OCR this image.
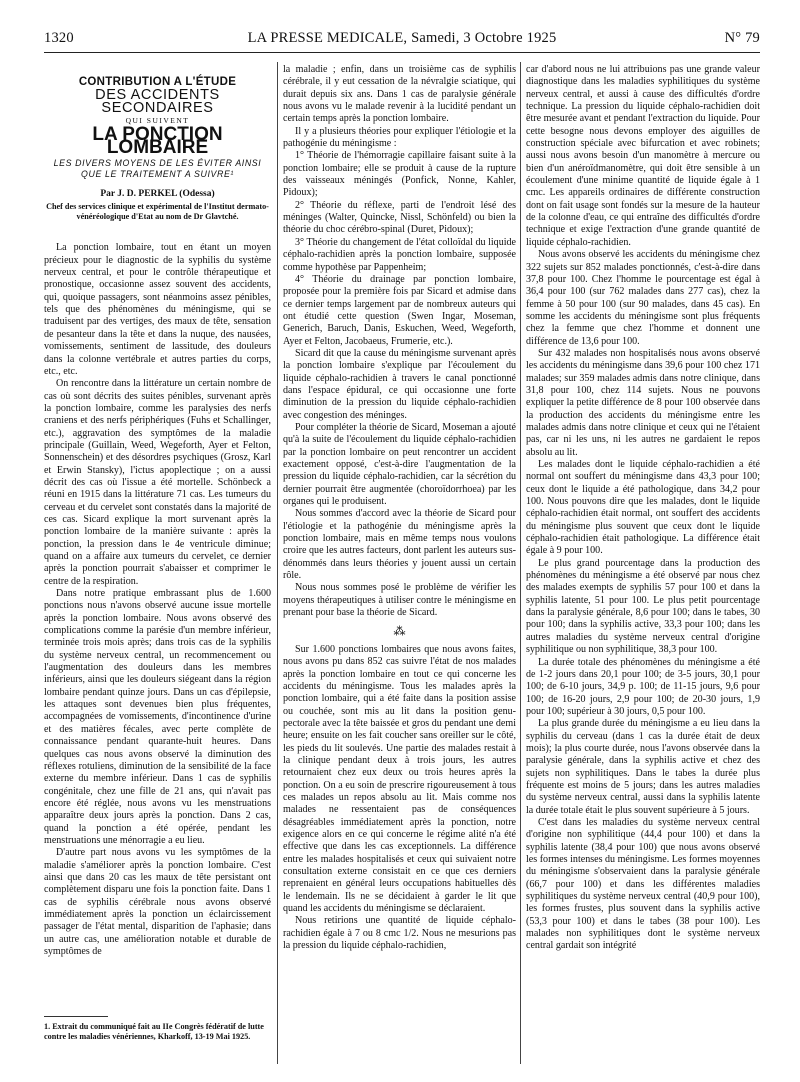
1320	LA PRESSE MEDICALE, Samedi, 3 Octobre 1925	N° 79
CONTRIBUTION A L'ÉTUDE
DES ACCIDENTS SECONDAIRES
QUI SUIVENT
LA PONCTION LOMBAIRE
LES DIVERS MOYENS DE LES ÉVITER AINSI QUE LE TRAITEMENT A SUIVRE¹
Par J. D. PERKEL (Odessa)
Chef des services clinique et expérimental de l'Institut dermato-vénéréologique d'Etat au nom de Dr Glavtché.

La ponction lombaire, tout en étant un moyen précieux pour le diagnostic de la syphilis du système nerveux central, et pour le contrôle thérapeutique et pronostique, occasionne assez souvent des accidents, qui, quoique passagers, sont néanmoins assez pénibles, tels que des phénomènes du méningisme, qui se traduisent par des vertiges, des maux de tête, sensation de pesanteur dans la tête et dans la nuque, des nausées, vomissements, sentiment de lassitude, des douleurs dans la colonne vertébrale et autres parties du corps, etc., etc.

On rencontre dans la littérature un certain nombre de cas où sont décrits des suites pénibles, survenant après la ponction lombaire, comme les paralysies des nerfs craniens et des nerfs périphériques (Fuhs et Schallinger, etc.), aggravation des symptômes de la maladie principale (Guillain, Weed, Wegeforth, Ayer et Felton, Sonnenschein) et des désordres psychiques (Grosz, Karl et Erwin Stansky), l'ictus apoplectique ; on a aussi décrit des cas où l'issue a été mortelle. Schönbeck a réuni en 1915 dans la littérature 71 cas. Les tumeurs du cerveau et du cervelet sont constatés dans la majorité de ces cas. Sicard explique la mort survenant après la ponction lombaire de la manière suivante : après la ponction, la pression dans le 4e ventricule diminue; quand on a affaire aux tumeurs du cervelet, ce dernier après la ponction pourrait s'abaisser et comprimer le centre de la respiration.

Dans notre pratique embrassant plus de 1.600 ponctions nous n'avons observé aucune issue mortelle après la ponction lombaire. Nous avons observé des complications comme la parésie d'un membre inférieur, terminée trois mois après; dans trois cas de la syphilis du système nerveux central, un recommencement ou l'augmentation des douleurs dans les membres inférieurs, ainsi que les douleurs siégeant dans la région lombaire pendant quinze jours. Dans un cas d'épilepsie, les attaques sont devenues bien plus fréquentes, accompagnées de vomissements, d'incontinence d'urine et des matières fécales, avec perte complète de connaissance pendant quarante-huit heures. Dans quelques cas nous avons observé la diminution des réflexes rotuliens, diminution de la sensibilité de la face externe du membre inférieur. Dans 1 cas de syphilis congénitale, chez une fille de 21 ans, qui n'avait pas encore été réglée, nous avons vu les menstruations apparaître deux jours après la ponction. Dans 2 cas, quand la ponction a été opérée, pendant les menstruations une ménorragie a eu lieu.

D'autre part nous avons vu les symptômes de la maladie s'améliorer après la ponction lombaire. C'est ainsi que dans 20 cas les maux de tête persistant ont complètement disparu une fois la ponction faite. Dans 1 cas de syphilis cérébrale nous avons observé immédiatement après la ponction un éclaircissement passager de l'état mental, disparition de l'aphasie; dans un autre cas, une amélioration notable et durable de symptômes de

1. Extrait du communiqué fait au IIe Congrès fédératif de lutte contre les maladies vénériennes, Kharkoff, 13-19 Mai 1925.

la maladie ; enfin, dans un troisième cas de syphilis cérébrale, il y eut cessation de la névralgie sciatique, qui durait depuis six ans. Dans 1 cas de paralysie générale nous avons vu le malade revenir à la lucidité pendant un certain temps après la ponction lombaire.

Il y a plusieurs théories pour expliquer l'étiologie et la pathogénie du méningisme :

1° Théorie de l'hémorragie capillaire faisant suite à la ponction lombaire; elle se produit à cause de la rupture des vaisseaux méningés (Ponfick, Nonne, Kahler, Pidoux);

2° Théorie du réflexe, parti de l'endroit lésé des méninges (Walter, Quincke, Nissl, Schönfeld) ou bien la théorie du choc cérébro-spinal (Duret, Pidoux);

3° Théorie du changement de l'état colloïdal du liquide céphalo-rachidien après la ponction lombaire, supposée comme hypothèse par Pappenheim;

4° Théorie du drainage par ponction lombaire, proposée pour la première fois par Sicard et admise dans ce dernier temps largement par de nombreux auteurs qui ont étudié cette question (Swen Ingar, Moseman, Generich, Baruch, Danis, Eskuchen, Weed, Wegeforth, Ayer et Felton, Jacobaeus, Frumerie, etc.).

Sicard dit que la cause du méningisme survenant après la ponction lombaire s'explique par l'écoulement du liquide céphalo-rachidien à travers le canal ponctionné dans l'espace épidural, ce qui occasionne une forte diminution de la pression du liquide céphalo-rachidien avec congestion des méninges.

Pour compléter la théorie de Sicard, Moseman a ajouté qu'à la suite de l'écoulement du liquide céphalo-rachidien par la ponction lombaire on peut rencontrer un accident exactement opposé, c'est-à-dire l'augmentation de la pression du liquide céphalo-rachidien, car la sécrétion du dernier pourrait être augmentée (choroïdorrhoea) par les organes qui le produisent.

Nous sommes d'accord avec la théorie de Sicard pour l'étiologie et la pathogénie du méningisme après la ponction lombaire, mais en même temps nous voulons croire que les autres facteurs, dont parlent les auteurs sus-dénommés dans leurs théories y jouent aussi un certain rôle.

Nous nous sommes posé le problème de vérifier les moyens thérapeutiques à utiliser contre le méningisme en prenant pour base la théorie de Sicard.

⁂

Sur 1.600 ponctions lombaires que nous avons faites, nous avons pu dans 852 cas suivre l'état de nos malades après la ponction lombaire en tout ce qui concerne les accidents du méningisme. Tous les malades après la ponction lombaire, qui a été faite dans la position assise ou couchée, sont mis au lit dans la position genu-pectorale avec la tête baissée et gros du pendant une demi heure; ensuite on les fait coucher sans oreiller sur le côté, les pieds du lit soulevés. Une partie des malades restait à la clinique pendant deux à trois jours, les autres retournaient chez eux deux ou trois heures après la ponction. On a eu soin de prescrire rigoureusement à tous ces malades un repos absolu au lit. Mais comme nos malades ne ressentaient pas de conséquences désagréables immédiatement après la ponction, notre exigence alors en ce qui concerne le régime alité n'a été effective que dans les cas exceptionnels. La différence entre les malades hospitalisés et ceux qui suivaient notre consultation externe consistait en ce que ces derniers reprenaient en général leurs occupations habituelles dès le lendemain. Ils ne se décidaient à garder le lit que quand les accidents du méningisme se déclaraient.

Nous retirions une quantité de liquide céphalo-rachidien égale à 7 ou 8 cmc 1/2. Nous ne mesurions pas la pression du liquide céphalo-rachidien,

car d'abord nous ne lui attribuions pas une grande valeur diagnostique dans les maladies syphilitiques du système nerveux central, et aussi à cause des difficultés d'ordre technique. La pression du liquide céphalo-rachidien doit être mesurée avant et pendant l'extraction du liquide. Pour cette besogne nous devons employer des aiguilles de construction spéciale avec bifurcation et avec robinets; aussi nous avons besoin d'un manomètre à mercure ou bien d'un anéroïdmanomètre, qui doit être sensible à un écoulement d'une minime quantité de liquide égale à 1 cmc. Les appareils ordinaires de différente construction dont on fait usage sont fondés sur la mesure de la hauteur de la colonne d'eau, ce qui entraîne des difficultés d'ordre technique et exige l'extraction d'une grande quantité de liquide céphalo-rachidien.

Nous avons observé les accidents du méningisme chez 322 sujets sur 852 malades ponctionnés, c'est-à-dire dans 37,8 pour 100. Chez l'homme le pourcentage est égal à 36,4 pour 100 (sur 762 malades dans 277 cas), chez la femme à 50 pour 100 (sur 90 malades, dans 45 cas). En somme les accidents du méningisme sont plus fréquents chez la femme que chez l'homme et donnent une différence de 13,6 pour 100.

Sur 432 malades non hospitalisés nous avons observé les accidents du méningisme dans 39,6 pour 100 chez 171 malades; sur 359 malades admis dans notre clinique, dans 31,8 pour 100, chez 114 sujets. Nous ne pouvons expliquer la petite différence de 8 pour 100 observée dans la production des accidents du méningisme entre les malades admis dans notre clinique et ceux qui ne l'étaient pas, car ni les uns, ni les autres ne gardaient le repos absolu au lit.

Les malades dont le liquide céphalo-rachidien a été normal ont souffert du méningisme dans 43,3 pour 100; ceux dont le liquide a été pathologique, dans 34,2 pour 100. Nous pouvons dire que les malades, dont le liquide céphalo-rachidien était normal, ont souffert des accidents du méningisme plus souvent que ceux dont le liquide céphalo-rachidien était pathologique. La différence était égale à 9 pour 100.

Le plus grand pourcentage dans la production des phénomènes du méningisme a été observé par nous chez des malades exempts de syphilis 57 pour 100 et dans la syphilis latente, 51 pour 100. Le plus petit pourcentage dans la paralysie générale, 8,6 pour 100; dans le tabes, 30 pour 100; dans la syphilis active, 33,3 pour 100; dans les autres maladies du système nerveux central d'origine syphilitique ou non syphilitique, 38,3 pour 100.

La durée totale des phénomènes du méningisme a été de 1-2 jours dans 20,1 pour 100; de 3-5 jours, 30,1 pour 100; de 6-10 jours, 34,9 p. 100; de 11-15 jours, 9,6 pour 100; de 16-20 jours, 2,9 pour 100; de 20-30 jours, 1,9 pour 100; supérieur à 30 jours, 0,5 pour 100.

La plus grande durée du méningisme a eu lieu dans la syphilis du cerveau (dans 1 cas la durée était de deux mois); la plus courte durée, nous l'avons observée dans la paralysie générale, dans la syphilis active et chez des sujets non syphilitiques. Dans le tabes la durée plus fréquente est moins de 5 jours; dans les autres maladies du système nerveux central, aussi dans la syphilis latente la durée totale était le plus souvent supérieure à 5 jours.

C'est dans les maladies du système nerveux central d'origine non syphilitique (44,4 pour 100) et dans la syphilis latente (38,4 pour 100) que nous avons observé les formes intenses du méningisme. Les formes moyennes du méningisme s'observaient dans la paralysie générale (66,7 pour 100) et dans les différentes maladies syphilitiques du système nerveux central (40,9 pour 100), les formes frustes, plus souvent dans la syphilis active (53,3 pour 100) et dans le tabes (38 pour 100). Les malades non syphilitiques dont le système nerveux central gardait son intégrité
